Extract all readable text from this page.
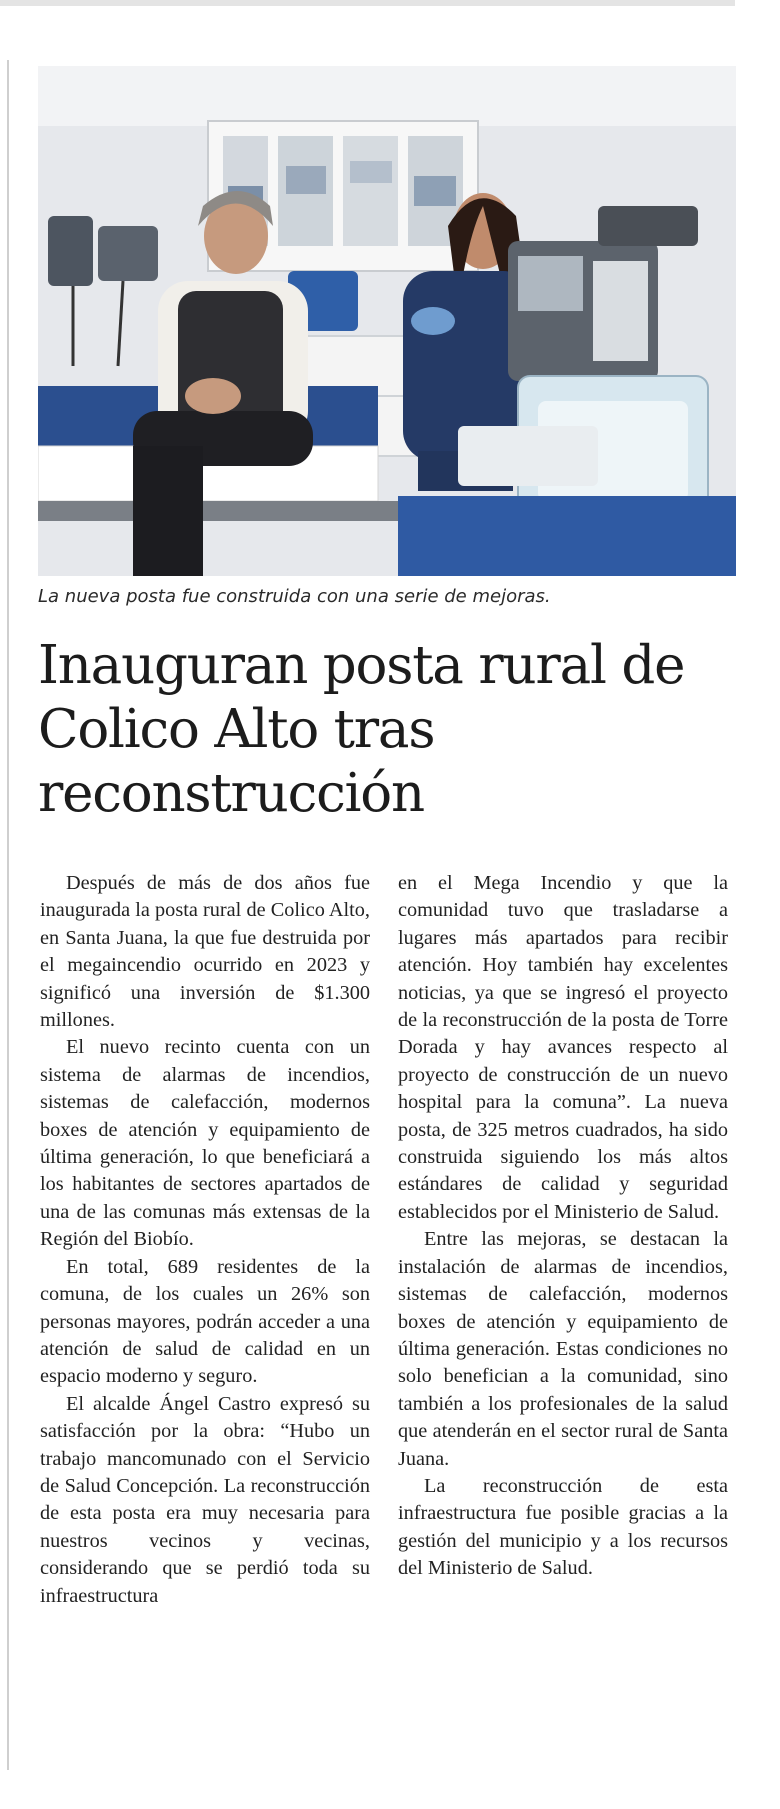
La nueva posta fue construida con una serie de mejoras.
Inauguran posta rural de Colico Alto tras reconstrucción

Después de más de dos años fue inaugurada la posta rural de Colico Alto, en Santa Juana, la que fue destruida por el megaincendio ocurrido en 2023 y significó una inversión de $1.300 millones.

El nuevo recinto cuenta con un sistema de alarmas de incendios, sistemas de calefacción, modernos boxes de atención y equipamiento de última generación, lo que beneficiará a los habitantes de sectores apartados de una de las comunas más extensas de la Región del Biobío.

En total, 689 residentes de la comuna, de los cuales un 26% son personas mayores, podrán acceder a una atención de salud de calidad en un espacio moderno y seguro.

El alcalde Ángel Castro expresó su satisfacción por la obra: “Hubo un trabajo mancomunado con el Servicio de Salud Concepción. La reconstrucción de esta posta era muy necesaria para nuestros vecinos y vecinas, considerando que se perdió toda su infraestructura

en el Mega Incendio y que la comunidad tuvo que trasladarse a lugares más apartados para recibir atención. Hoy también hay excelentes noticias, ya que se ingresó el proyecto de la reconstrucción de la posta de Torre Dorada y hay avances respecto al proyecto de construcción de un nuevo hospital para la comuna”. La nueva posta, de 325 metros cuadrados, ha sido construida siguiendo los más altos estándares de calidad y seguridad establecidos por el Ministerio de Salud.

Entre las mejoras, se destacan la instalación de alarmas de incendios, sistemas de calefacción, modernos boxes de atención y equipamiento de última generación. Estas condiciones no solo benefician a la comunidad, sino también a los profesionales de la salud que atenderán en el sector rural de Santa Juana.

La reconstrucción de esta infraestructura fue posible gracias a la gestión del municipio y a los recursos del Ministerio de Salud.
